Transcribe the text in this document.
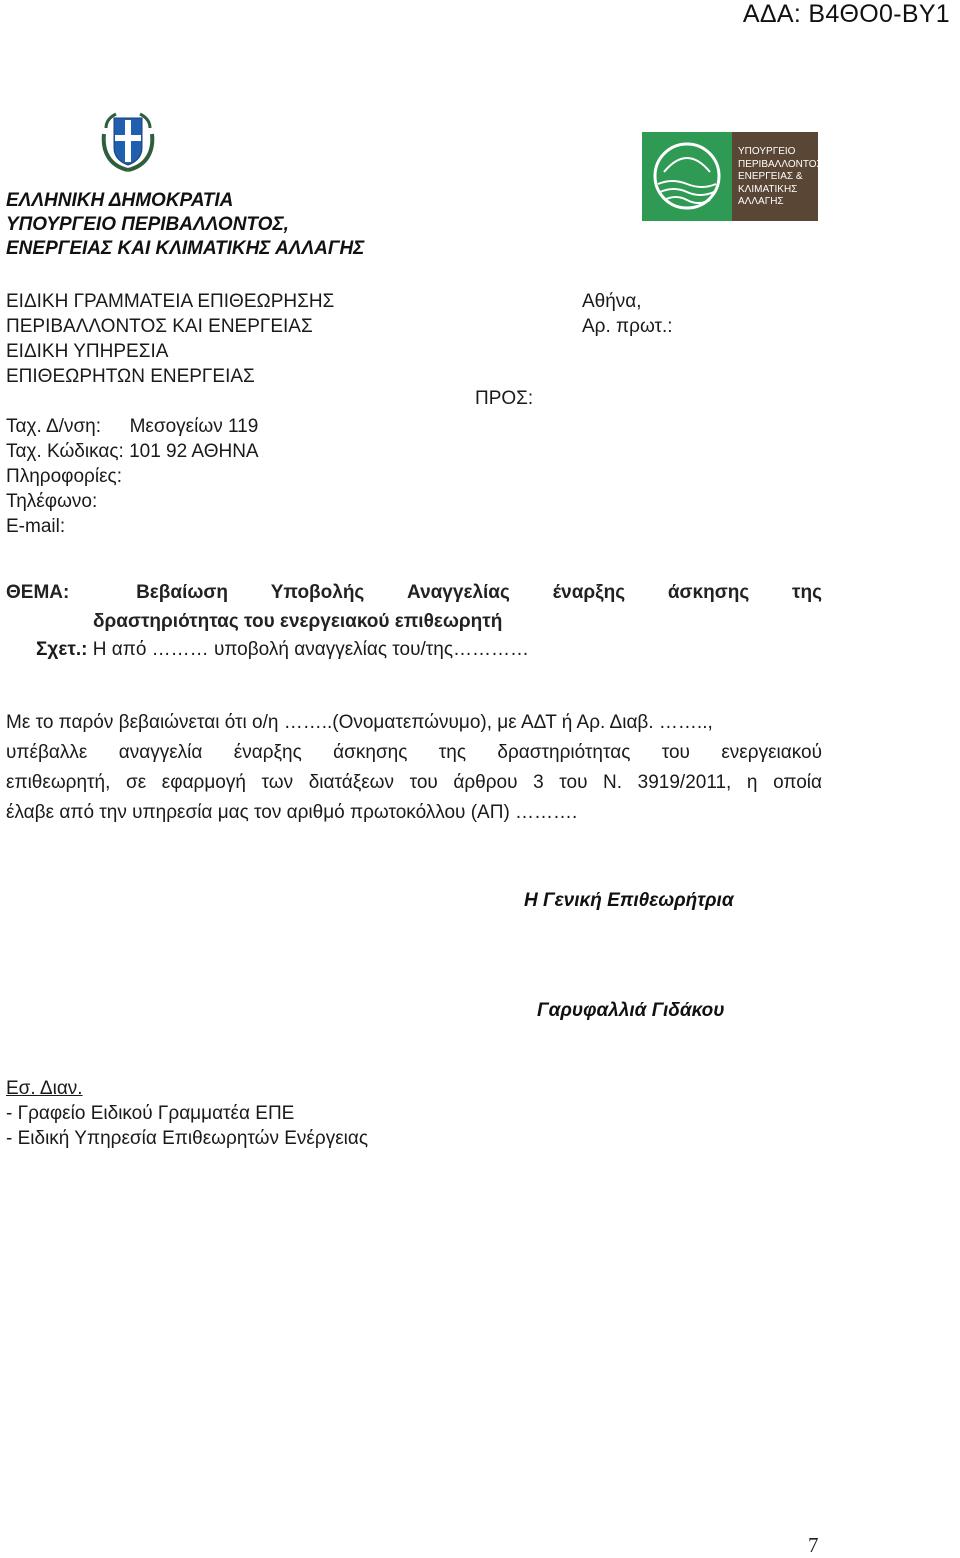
ΑΔΑ: Β4ΘΟ0-ΒΥ1
ΥΠΟΥΡΓΕΙΟ
ΠΕΡΙΒΑΛΛΟΝΤΟΣ
ΕΝΕΡΓΕΙΑΣ &
ΚΛΙΜΑΤΙΚΗΣ
ΑΛΛΑΓΗΣ
ΕΛΛΗΝΙΚΗ ΔΗΜΟΚΡΑΤΙΑ
ΥΠΟΥΡΓΕΙΟ ΠΕΡΙΒΑΛΛΟΝΤΟΣ,
ΕΝΕΡΓΕΙΑΣ ΚΑΙ ΚΛΙΜΑΤΙΚΗΣ ΑΛΛΑΓΗΣ
ΕΙΔΙΚΗ ΓΡΑΜΜΑΤΕΙΑ ΕΠΙΘΕΩΡΗΣΗΣ
ΠΕΡΙΒΑΛΛΟΝΤΟΣ ΚΑΙ ΕΝΕΡΓΕΙΑΣ
ΕΙΔΙΚΗ ΥΠΗΡΕΣΙΑ
ΕΠΙΘΕΩΡΗΤΩΝ ΕΝΕΡΓΕΙΑΣ
ΠΡΟΣ:
Ταχ. Δ/νση: Μεσογείων 119
Ταχ. Κώδικας: 101 92 ΑΘΗΝΑ
Πληροφορίες:
Τηλέφωνο:
E-mail:
Αθήνα,
Αρ. πρωτ.:
ΘΕΜΑ:	Βεβαίωση Υποβολής Αναγγελίας έναρξης άσκησης της
δραστηριότητας του ενεργειακού επιθεωρητή
Σχετ.: Η από ……… υποβολή αναγγελίας του/της…………
Με το παρόν βεβαιώνεται ότι ο/η ……..(Ονοματεπώνυμο), με ΑΔΤ ή Αρ. Διαβ. ……..,
υπέβαλλε αναγγελία έναρξης άσκησης της δραστηριότητας του ενεργειακού
επιθεωρητή, σε εφαρμογή των διατάξεων του άρθρου 3 του Ν. 3919/2011, η οποία
έλαβε από την υπηρεσία μας τον αριθμό πρωτοκόλλου (ΑΠ) ……….
Η Γενική Επιθεωρήτρια
Γαρυφαλλιά Γιδάκου
Εσ. Διαν.
- Γραφείο Ειδικού Γραμματέα ΕΠΕ
- Ειδική Υπηρεσία Επιθεωρητών Ενέργειας
7
